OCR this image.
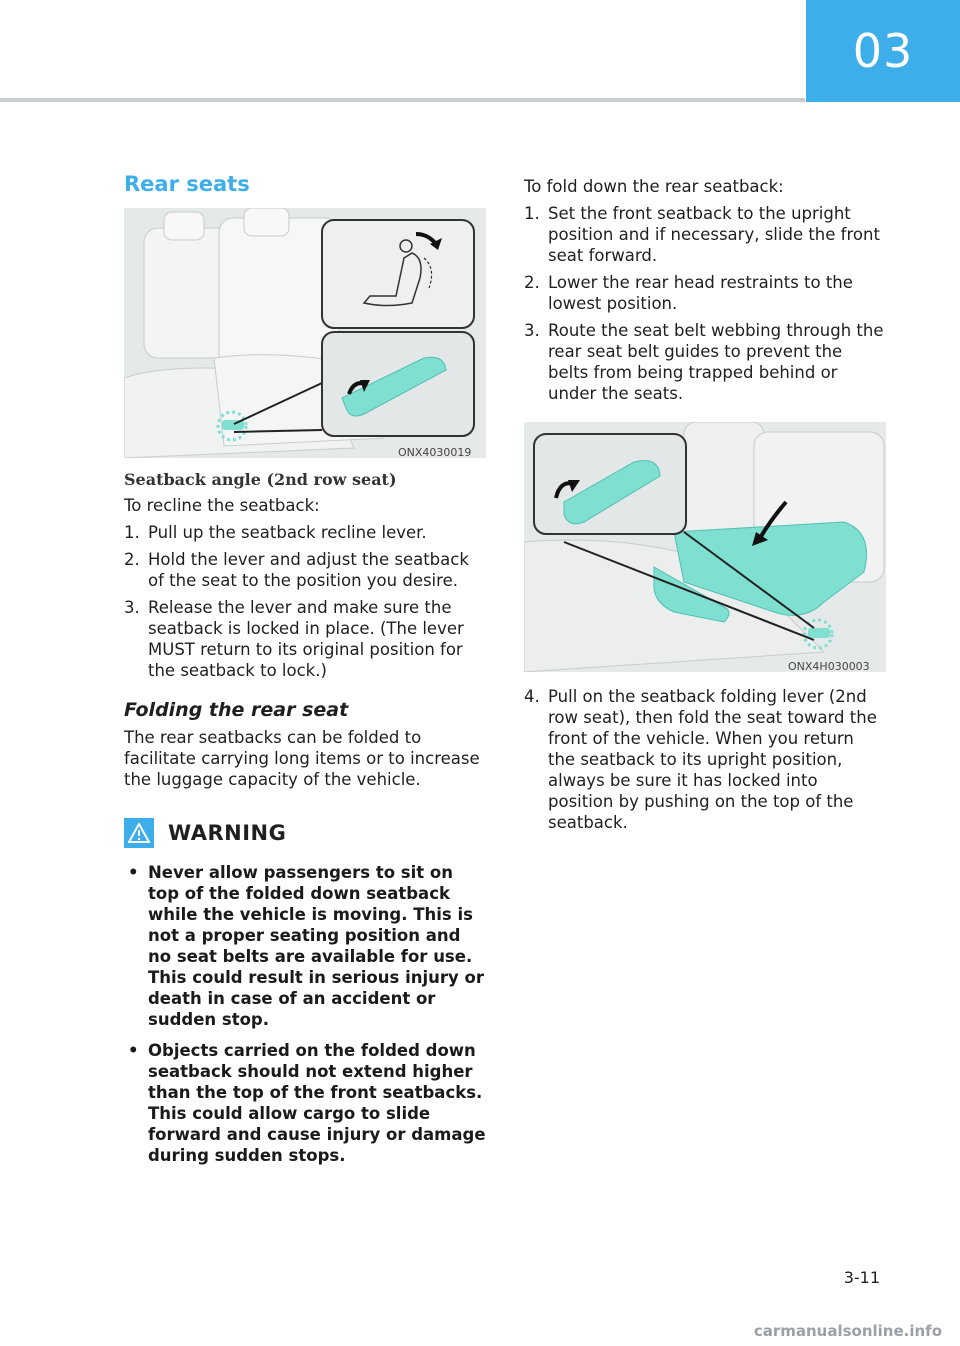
03
Rear seats
ONX4030019
Seatback angle (2nd row seat)
To recline the seatback:
1. Pull up the seatback recline lever.
2. Hold the lever and adjust the seatback of the seat to the position you desire.
3. Release the lever and make sure the seatback is locked in place. (The lever MUST return to its original position for the seatback to lock.)
Folding the rear seat
The rear seatbacks can be folded to facilitate carrying long items or to increase the luggage capacity of the vehicle.
WARNING
• Never allow passengers to sit on top of the folded down seatback while the vehicle is moving. This is not a proper seating position and no seat belts are available for use. This could result in serious injury or death in case of an accident or sudden stop.
• Objects carried on the folded down seatback should not extend higher than the top of the front seatbacks. This could allow cargo to slide forward and cause injury or damage during sudden stops.
To fold down the rear seatback:
1. Set the front seatback to the upright position and if necessary, slide the front seat forward.
2. Lower the rear head restraints to the lowest position.
3. Route the seat belt webbing through the rear seat belt guides to prevent the belts from being trapped behind or under the seats.
ONX4H030003
4. Pull on the seatback folding lever (2nd row seat), then fold the seat toward the front of the vehicle. When you return the seatback to its upright position, always be sure it has locked into position by pushing on the top of the seatback.
3-11
carmanualsonline.info
